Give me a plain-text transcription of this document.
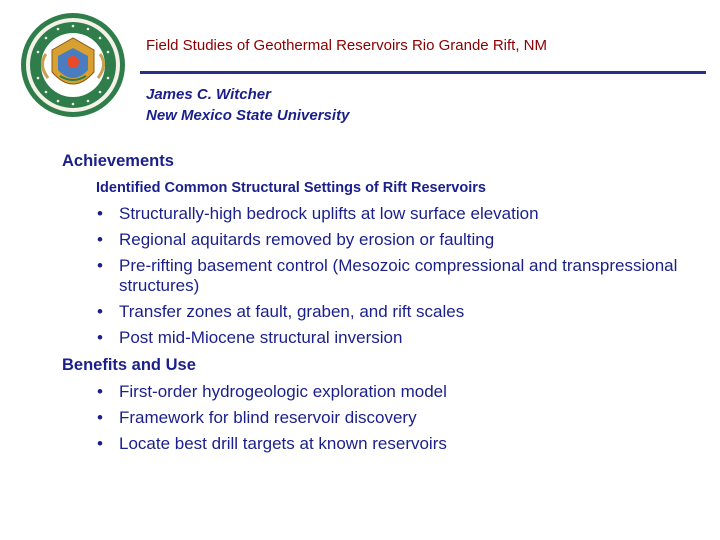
Field Studies of Geothermal Reservoirs Rio Grande Rift, NM
James C. Witcher
New Mexico State University
Achievements
Identified Common Structural Settings of Rift Reservoirs
• Structurally-high bedrock uplifts at low surface elevation
• Regional aquitards removed by erosion or faulting
• Pre-rifting basement control (Mesozoic compressional and transpressional structures)
• Transfer zones at fault, graben, and rift scales
• Post mid-Miocene structural inversion
Benefits and Use
• First-order hydrogeologic exploration model
• Framework for blind reservoir discovery
• Locate best drill targets at known reservoirs
